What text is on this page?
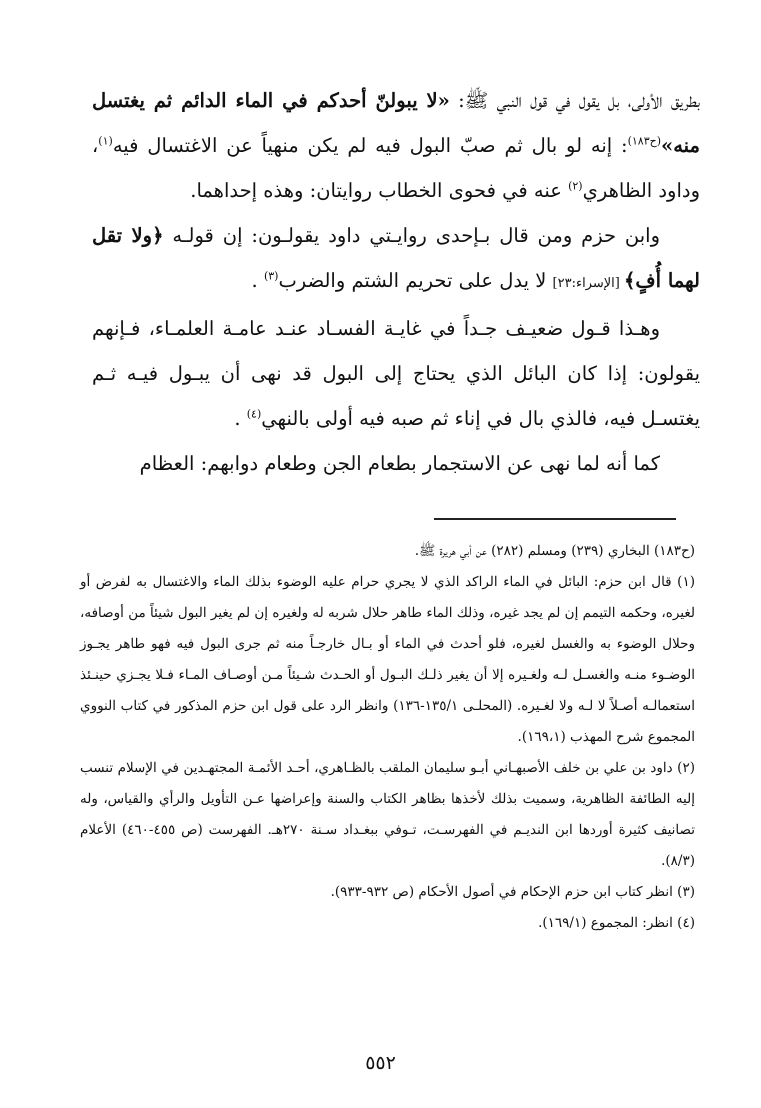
بطريق الأولى، بل يقول في قول النبي ﷺ: «لا يبولنّ أحدكم في الماء الدائم ثم يغتسل منه»$^{(ح١٨٣)}$: إنه لو بال ثم صبّ البول فيه لم يكن منهياً عن الاغتسال فيه$^{(١)}$، وداود الظاهري$^{(٢)}$ عنه في فحوى الخطاب روايتان: وهذه إحداهما.

وابن حزم ومن قال بـإحدى روايـتي داود يقولـون: إن قولـه ﴿ولا تقل لهما أُفٍ﴾ [الإسراء:٢٣] لا يدل على تحريم الشتم والضرب$^{(٣)}$ .

وهـذا قـول ضعيـف جـداً في غايـة الفسـاد عنـد عامـة العلمـاء، فـإنهم يقولون: إذا كان البائل الذي يحتاج إلى البول قد نهى أن يبـول فيـه ثـم يغتسـل فيه، فالذي بال في إناء ثم صبه فيه أولى بالنهي$^{(٤)}$ .

كما أنه لما نهى عن الاستجمار بطعام الجن وطعام دوابهم: العظام

(ح١٨٣) البخاري (٢٣٩) ومسلم (٢٨٢) عن أبي هريرة ﷺ.

(١) قال ابن حزم: البائل في الماء الراكد الذي لا يجري حرام عليه الوضوء بذلك الماء والاغتسال به لفرض أو لغيره، وحكمه التيمم إن لم يجد غيره، وذلك الماء طاهر حلال شربه له ولغيره إن لم يغير البول شيئاً من أوصافه، وحلال الوضوء به والغسل لغيره، فلو أحدث في الماء أو بـال خارجـاً منه ثم جرى البول فيه فهو طاهر يجـوز الوضـوء منـه والغسـل لـه ولغـيره إلا أن يغير ذلـك البـول أو الحـدث شـيئاً مـن أوصـاف المـاء فـلا يجـزي حينـئذ استعمالـه أصـلاً لا لـه ولا لغـيره. (المحلـى ١٣٥/١-١٣٦) وانظر الرد على قول ابن حزم المذكور في كتاب النووي المجموع شرح المهذب (١٦٩،١).

(٢) داود بن علي بن خلف الأصبهـاني أبـو سليمان الملقب بالظـاهري، أحـد الأئمـة المجتهـدين في الإسلام تنسب إليه الطائفة الظاهرية، وسميت بذلك لأخذها بظاهر الكتاب والسنة وإعراضها عـن التأويل والرأي والقياس، وله تصانيف كثيرة أوردها ابن النديـم في الفهرسـت، تـوفي ببغـداد سـنة ٢٧٠هـ. الفهرست (ص ٤٥٥-٤٦٠) الأعلام (٨/٣).

(٣) انظر كتاب ابن حزم الإحكام في أصول الأحكام (ص ٩٣٢-٩٣٣).

(٤) انظر: المجموع (١٦٩/١).

٥٥٢
